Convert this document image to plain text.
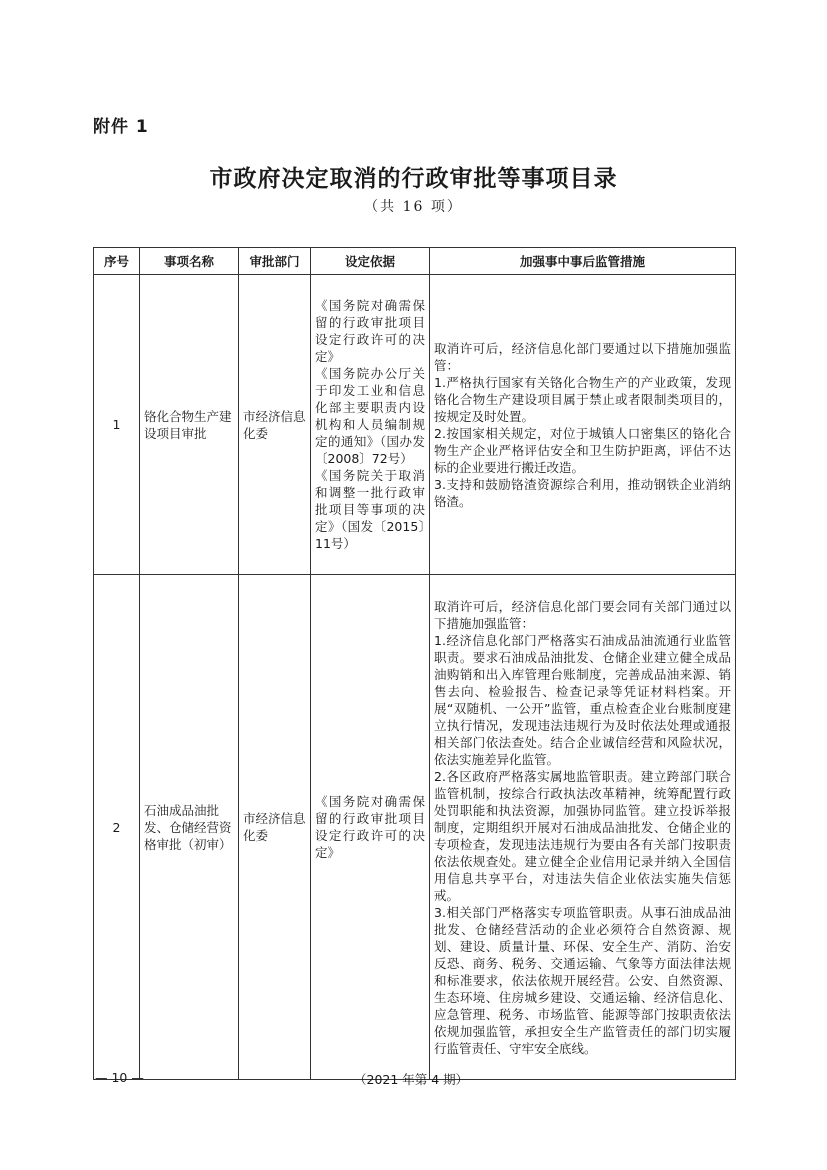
附件 1
市政府决定取消的行政审批等事项目录
（共 16 项）
序号	事项名称	审批部门	设定依据	加强事中事后监管措施
1	铬化合物生产建设项目审批	市经济信息化委	《国务院对确需保留的行政审批项目设定行政许可的决定》
《国务院办公厅关于印发工业和信息化部主要职责内设机构和人员编制规定的通知》（国办发〔2008〕72号）
《国务院关于取消和调整一批行政审批项目等事项的决定》（国发〔2015〕11号）	取消许可后，经济信息化部门要通过以下措施加强监管：
1.严格执行国家有关铬化合物生产的产业政策，发现铬化合物生产建设项目属于禁止或者限制类项目的，按规定及时处置。
2.按国家相关规定，对位于城镇人口密集区的铬化合物生产企业严格评估安全和卫生防护距离，评估不达标的企业要进行搬迁改造。
3.支持和鼓励铬渣资源综合利用，推动钢铁企业消纳铬渣。

2	石油成品油批发、仓储经营资格审批（初审）	市经济信息化委	《国务院对确需保留的行政审批项目设定行政许可的决定》	取消许可后，经济信息化部门要会同有关部门通过以下措施加强监管：
1.经济信息化部门严格落实石油成品油流通行业监管职责。要求石油成品油批发、仓储企业建立健全成品油购销和出入库管理台账制度，完善成品油来源、销售去向、检验报告、检查记录等凭证材料档案。开展“双随机、一公开”监管，重点检查企业台账制度建立执行情况，发现违法违规行为及时依法处理或通报相关部门依法查处。结合企业诚信经营和风险状况，依法实施差异化监管。
2.各区政府严格落实属地监管职责。建立跨部门联合监管机制，按综合行政执法改革精神，统筹配置行政处罚职能和执法资源，加强协同监管。建立投诉举报制度，定期组织开展对石油成品油批发、仓储企业的专项检查，发现违法违规行为要由各有关部门按职责依法依规查处。建立健全企业信用记录并纳入全国信用信息共享平台，对违法失信企业依法实施失信惩戒。
3.相关部门严格落实专项监管职责。从事石油成品油批发、仓储经营活动的企业必须符合自然资源、规划、建设、质量计量、环保、安全生产、消防、治安反恐、商务、税务、交通运输、气象等方面法律法规和标准要求，依法依规开展经营。公安、自然资源、生态环境、住房城乡建设、交通运输、经济信息化、应急管理、税务、市场监管、能源等部门按职责依法依规加强监管，承担安全生产监管责任的部门切实履行监管责任、守牢安全底线。
— 10 —	（2021 年第 4 期）
